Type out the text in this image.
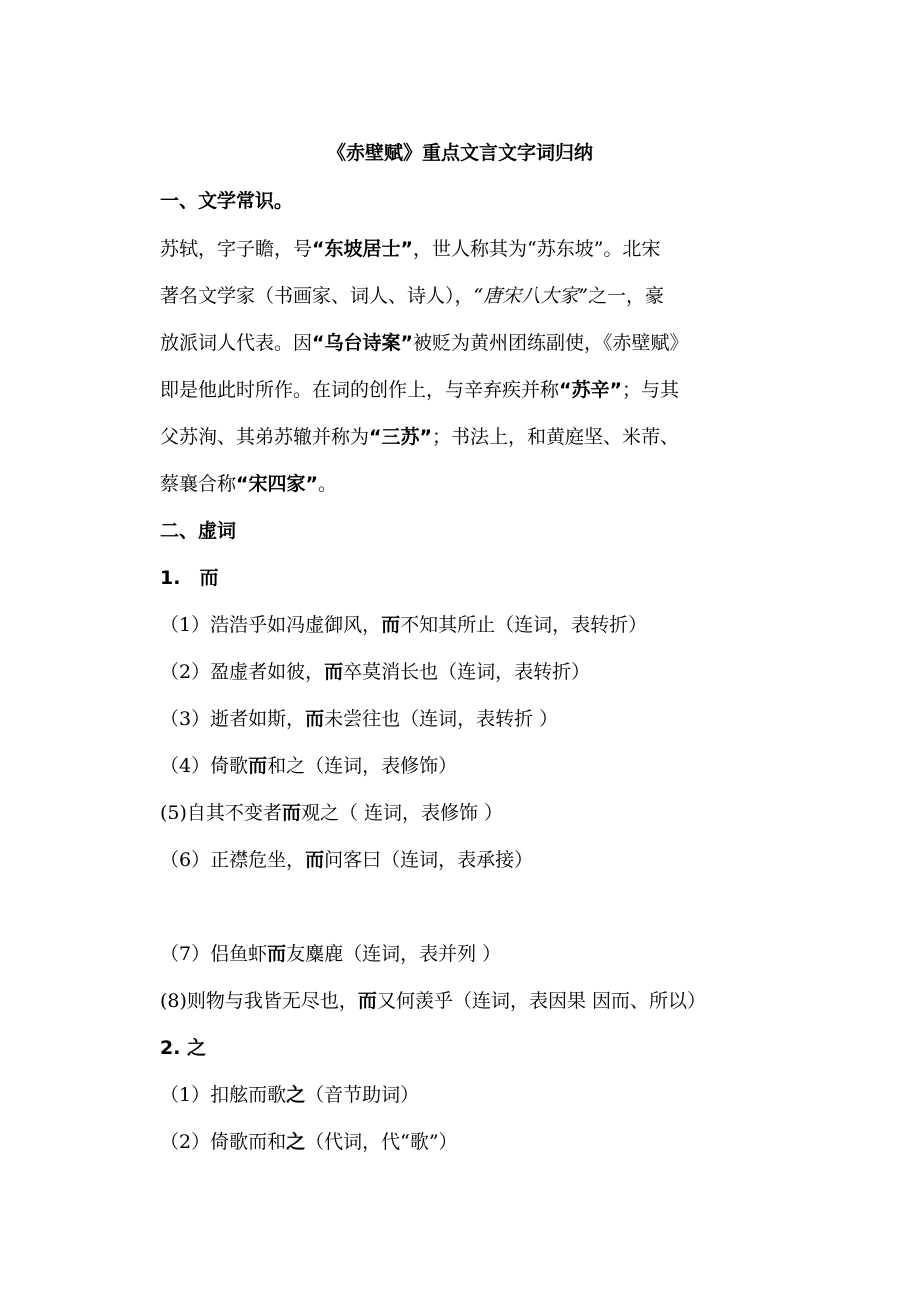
《赤壁赋》重点文言文字词归纳
一、文学常识。
苏轼，字子瞻，号“东坡居士”，世人称其为“苏东坡”。北宋
著名文学家（书画家、词人、诗人），“唐宋八大家”之一，豪
放派词人代表。因“乌台诗案”被贬为黄州团练副使，《赤壁赋》
即是他此时所作。在词的创作上，与辛弃疾并称“苏辛”；与其
父苏洵、其弟苏辙并称为“三苏”；书法上，和黄庭坚、米芾、
蔡襄合称“宋四家”。
二、虚词
1.　而
（1）浩浩乎如冯虚御风，而不知其所止（连词，表转折）
（2）盈虚者如彼，而卒莫消长也（连词，表转折）
（3）逝者如斯，而未尝往也（连词，表转折 ）
（4）倚歌而和之（连词，表修饰）
(5)自其不变者而观之（ 连词，表修饰 ）
（6）正襟危坐，而问客曰（连词，表承接）
（7）侣鱼虾而友麋鹿（连词，表并列 ）
(8)则物与我皆无尽也，而又何羡乎（连词，表因果 因而、所以）
2. 之
（1）扣舷而歌之（音节助词）
（2）倚歌而和之（代词，代“歌”）
